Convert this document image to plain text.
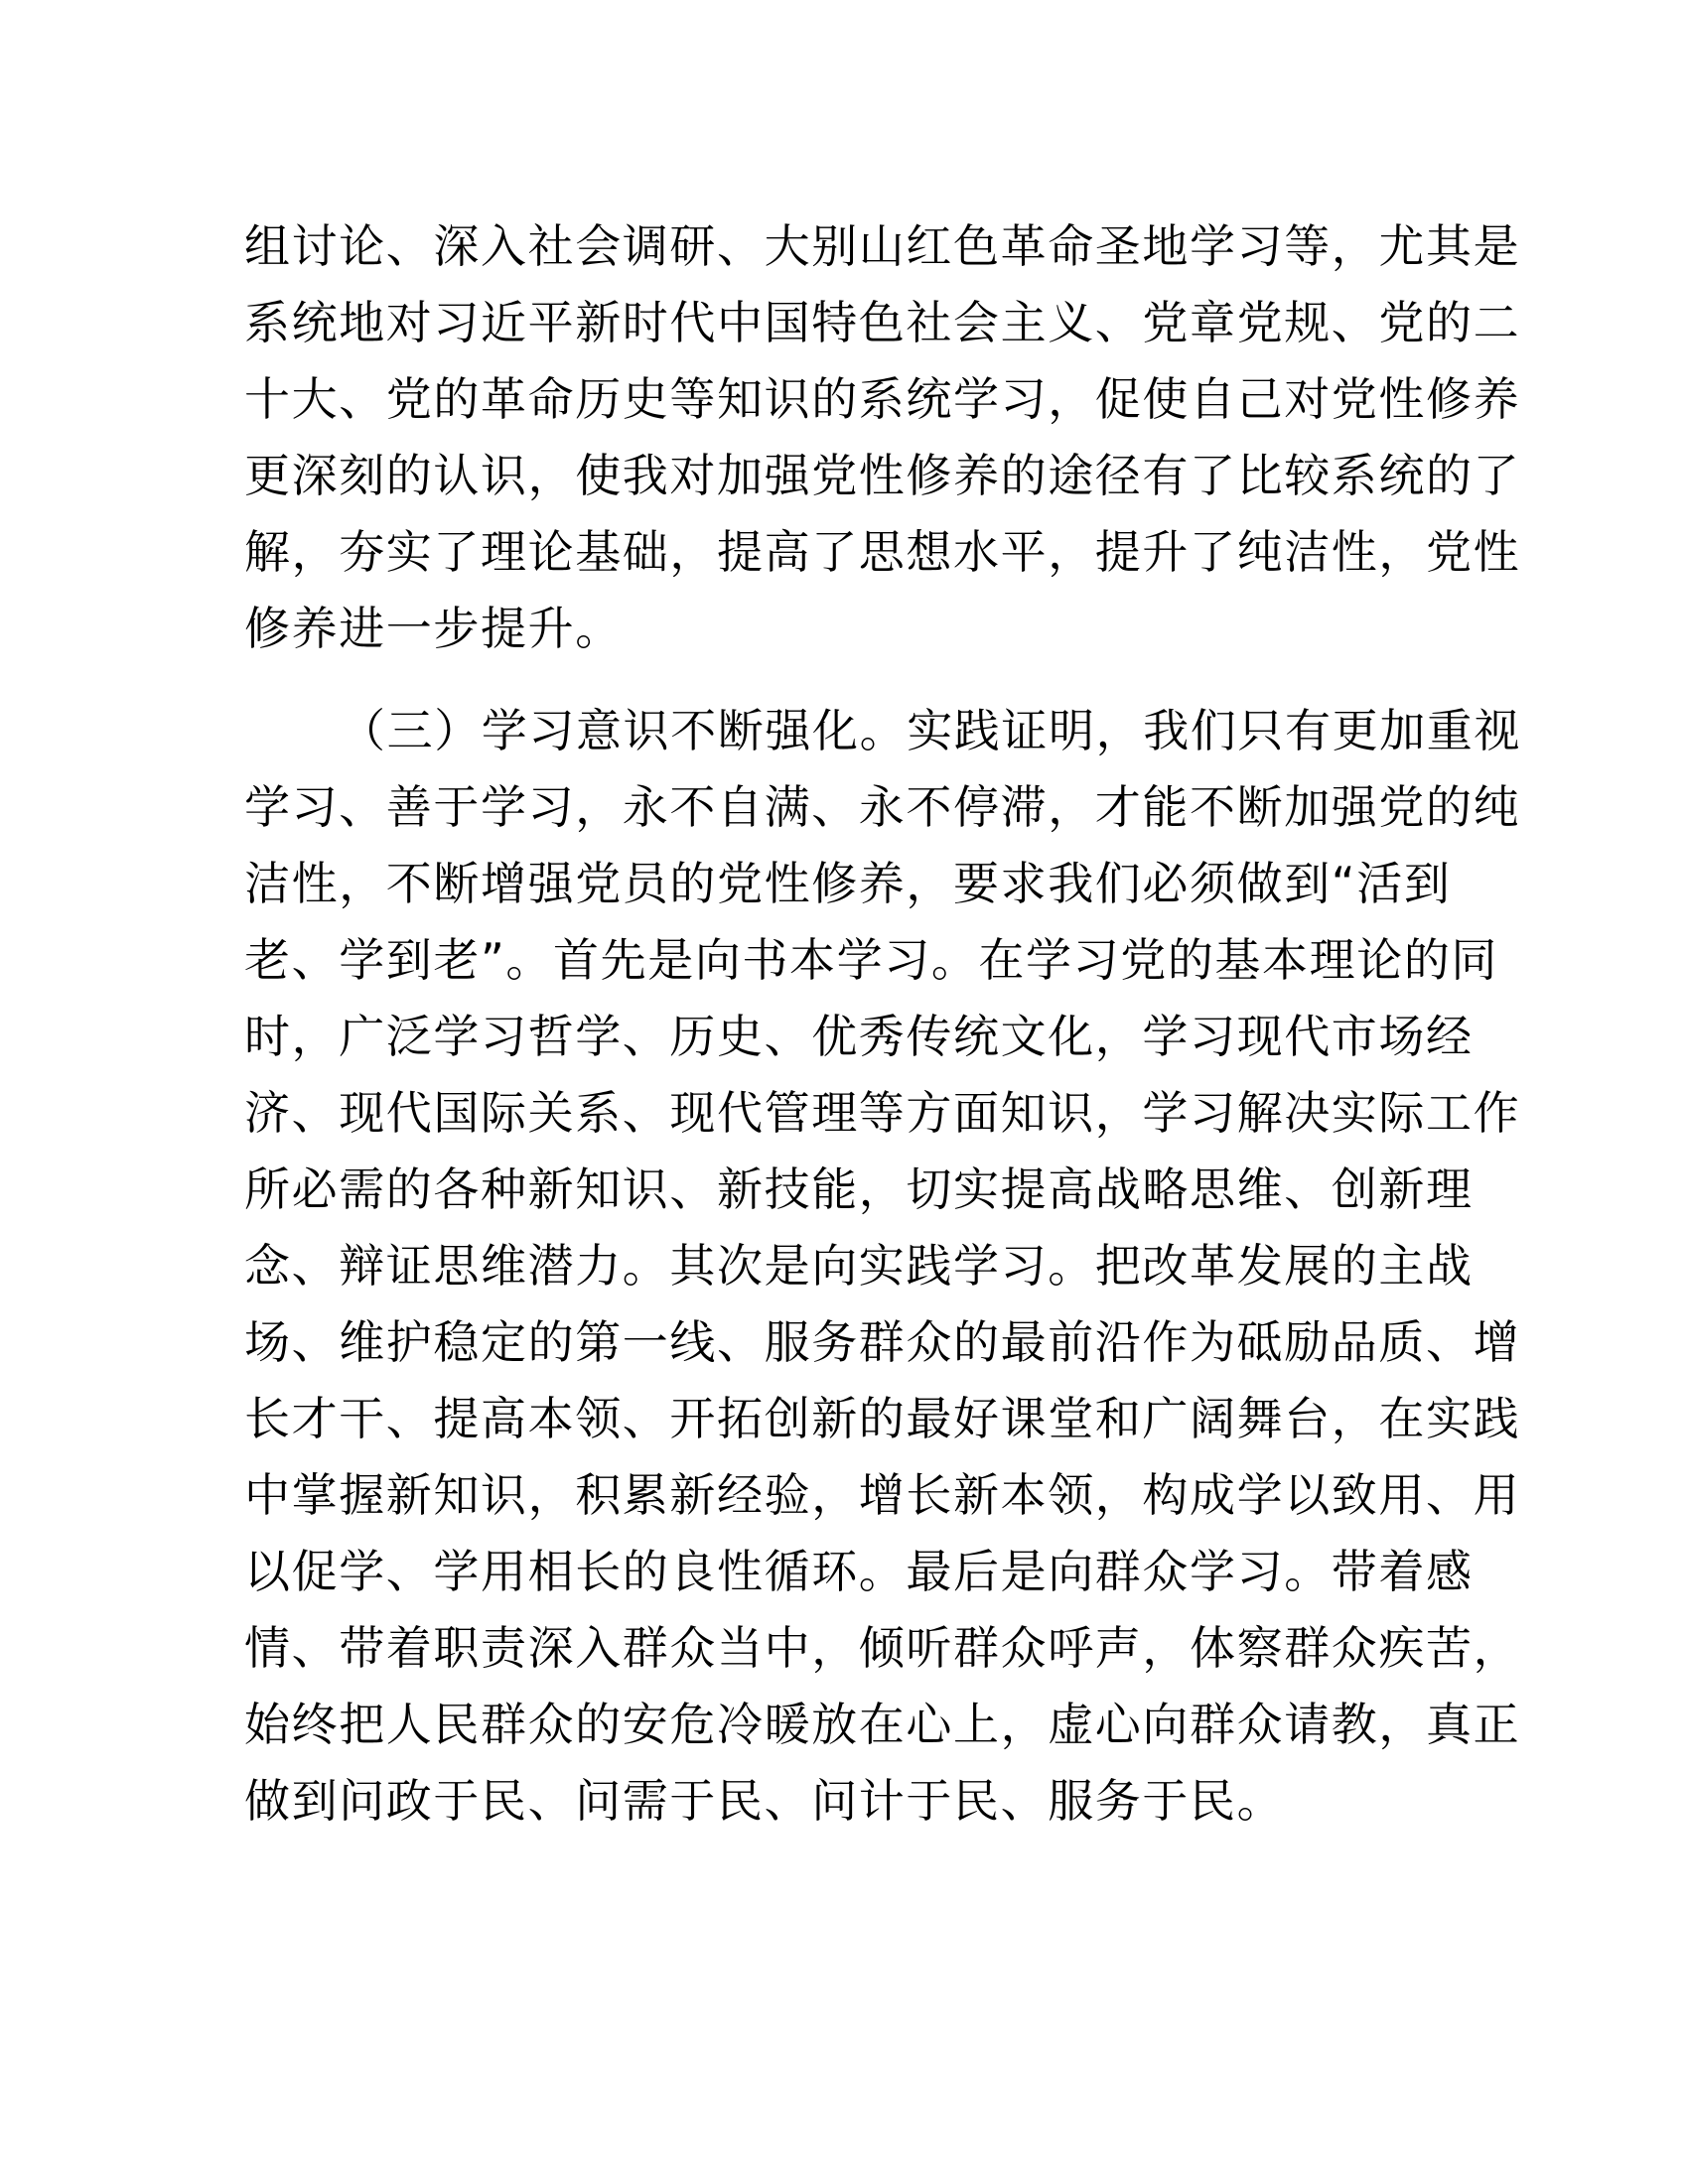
组讨论、深入社会调研、大别山红色革命圣地学习等，尤其是
系统地对习近平新时代中国特色社会主义、党章党规、党的二
十大、党的革命历史等知识的系统学习，促使自己对党性修养
更深刻的认识，使我对加强党性修养的途径有了比较系统的了
解，夯实了理论基础，提高了思想水平，提升了纯洁性，党性
修养进一步提升。
（三）学习意识不断强化。实践证明，我们只有更加重视
学习、善于学习，永不自满、永不停滞，才能不断加强党的纯
洁性，不断增强党员的党性修养，要求我们必须做到“活到
老、学到老”。首先是向书本学习。在学习党的基本理论的同
时，广泛学习哲学、历史、优秀传统文化，学习现代市场经
济、现代国际关系、现代管理等方面知识，学习解决实际工作
所必需的各种新知识、新技能，切实提高战略思维、创新理
念、辩证思维潜力。其次是向实践学习。把改革发展的主战
场、维护稳定的第一线、服务群众的最前沿作为砥励品质、增
长才干、提高本领、开拓创新的最好课堂和广阔舞台，在实践
中掌握新知识，积累新经验，增长新本领，构成学以致用、用
以促学、学用相长的良性循环。最后是向群众学习。带着感
情、带着职责深入群众当中，倾听群众呼声，体察群众疾苦，
始终把人民群众的安危冷暖放在心上，虚心向群众请教，真正
做到问政于民、问需于民、问计于民、服务于民。
